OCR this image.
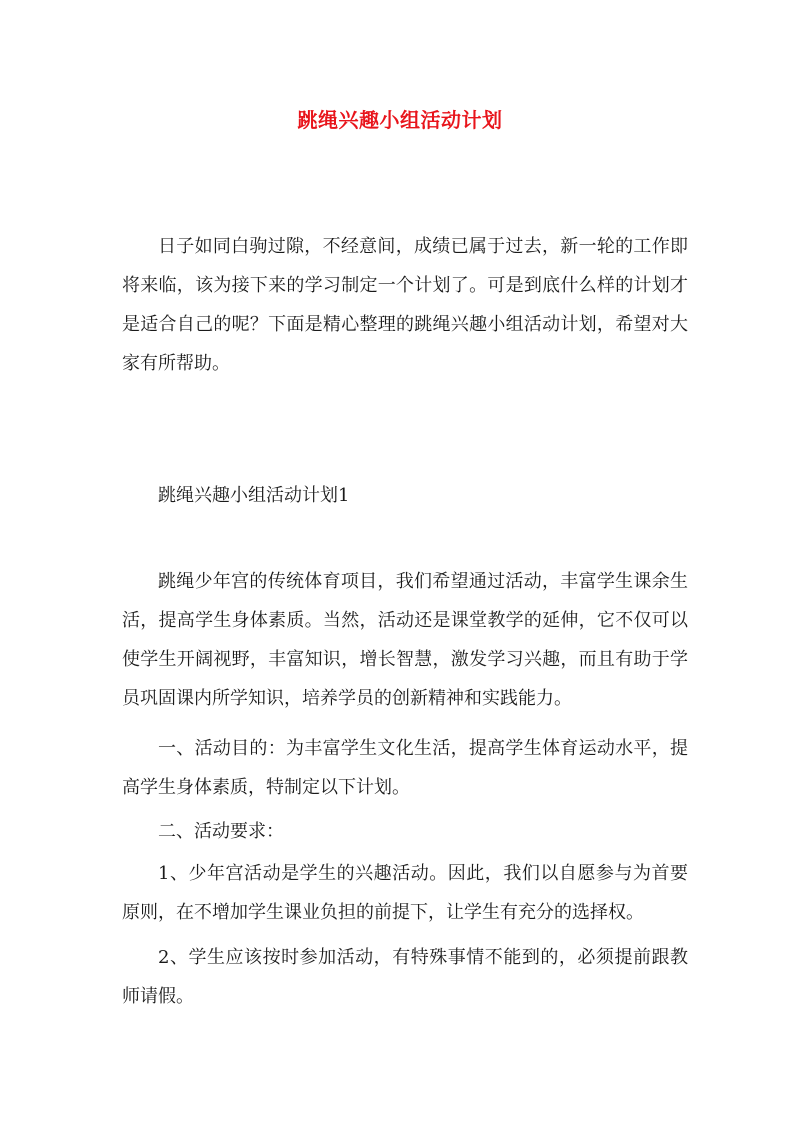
跳绳兴趣小组活动计划

日子如同白驹过隙，不经意间，成绩已属于过去，新一轮的工作即将来临，该为接下来的学习制定一个计划了。可是到底什么样的计划才是适合自己的呢？下面是精心整理的跳绳兴趣小组活动计划，希望对大家有所帮助。

跳绳兴趣小组活动计划1

跳绳少年宫的传统体育项目，我们希望通过活动，丰富学生课余生活，提高学生身体素质。当然，活动还是课堂教学的延伸，它不仅可以使学生开阔视野，丰富知识，增长智慧，激发学习兴趣，而且有助于学员巩固课内所学知识，培养学员的创新精神和实践能力。

一、活动目的：为丰富学生文化生活，提高学生体育运动水平，提高学生身体素质，特制定以下计划。

二、活动要求：

1、少年宫活动是学生的兴趣活动。因此，我们以自愿参与为首要原则，在不增加学生课业负担的前提下，让学生有充分的选择权。

2、学生应该按时参加活动，有特殊事情不能到的，必须提前跟教师请假。
